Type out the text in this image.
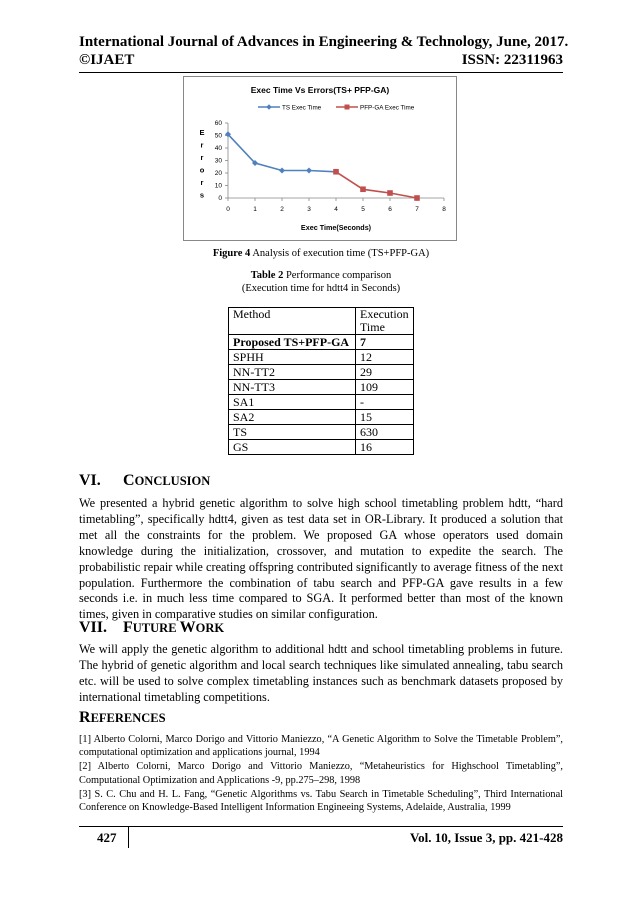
International Journal of Advances in Engineering & Technology, June, 2017.
©IJAET	ISSN: 22311963
Exec Time Vs Errors(TS+ PFP-GA)
TS Exec Time	PFP-GA Exec Time
0
10
20
30
40
50
60
0	1	2	3	4	5	6	7	8
Exec Time(Seconds)
E
r
r
o
r
s
Figure 4 Analysis of execution time (TS+PFP-GA)
Table 2 Performance comparison
(Execution time for hdtt4 in Seconds)
Method	Execution Time
Proposed TS+PFP-GA	7
SPHH	12
NN-TT2	29
NN-TT3	109
SA1	-
SA2	15
TS	630
GS	16
VI. CONCLUSION
We presented a hybrid genetic algorithm to solve high school timetabling problem hdtt, “hard timetabling”, specifically hdtt4, given as test data set in OR-Library. It produced a solution that met all the constraints for the problem. We proposed GA whose operators used domain knowledge during the initialization, crossover, and mutation to expedite the search. The probabilistic repair while creating offspring contributed significantly to average fitness of the next population. Furthermore the combination of tabu search and PFP-GA gave results in a few seconds i.e. in much less time compared to SGA. It performed better than most of the known times, given in comparative studies on similar configuration.
VII. FUTURE WORK
We will apply the genetic algorithm to additional hdtt and school timetabling problems in future. The hybrid of genetic algorithm and local search techniques like simulated annealing, tabu search etc. will be used to solve complex timetabling instances such as benchmark datasets proposed by international timetabling competitions.
REFERENCES

[1] Alberto Colorni, Marco Dorigo and Vittorio Maniezzo, “A Genetic Algorithm to Solve the Timetable Problem”, computational optimization and applications journal, 1994

[2] Alberto Colorni, Marco Dorigo and Vittorio Maniezzo, “Metaheuristics for Highschool Timetabling”, Computational Optimization and Applications -9, pp.275–298, 1998

[3] S. C. Chu and H. L. Fang, “Genetic Algorithms vs. Tabu Search in Timetable Scheduling”, Third International Conference on Knowledge-Based Intelligent Information Engineeing Systems, Adelaide, Australia, 1999

427	Vol. 10, Issue 3, pp. 421-428
